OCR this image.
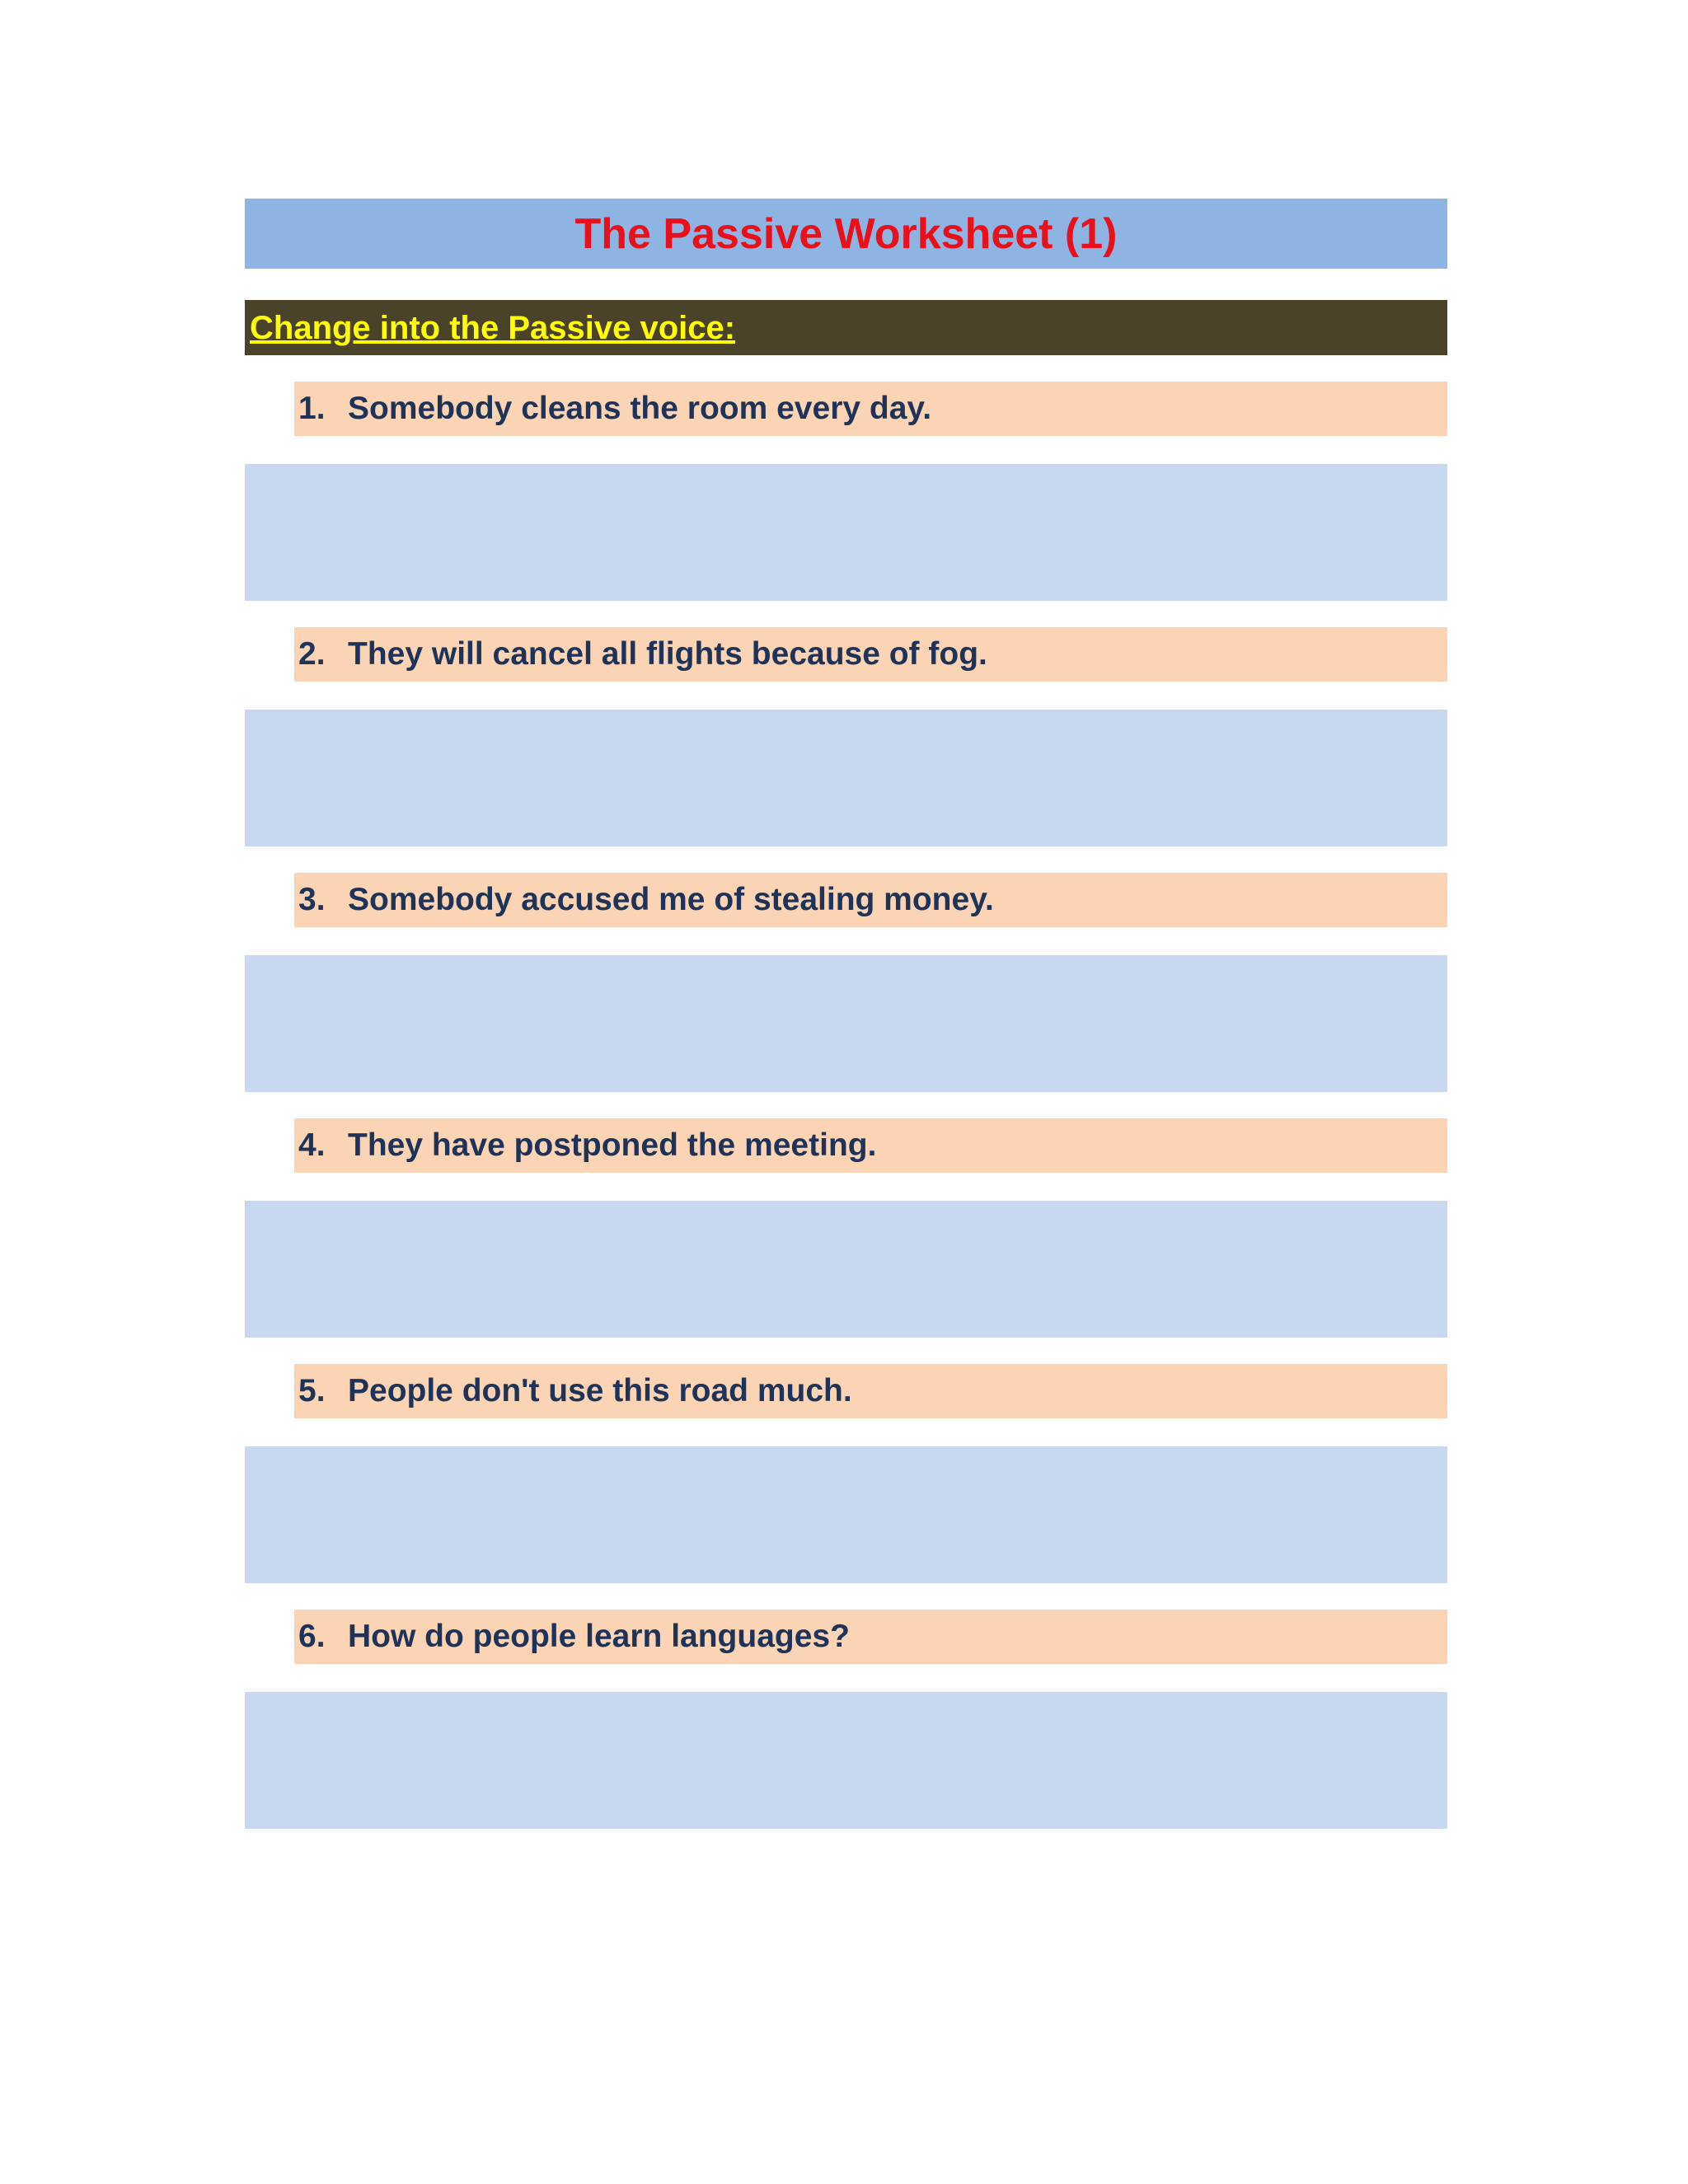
The Passive Worksheet (1)
Change into the Passive voice:
1. Somebody cleans the room every day.
2. They will cancel all flights because of fog.
3. Somebody accused me of stealing money.
4. They have postponed the meeting.
5. People don't use this road much.
6. How do people learn languages?
